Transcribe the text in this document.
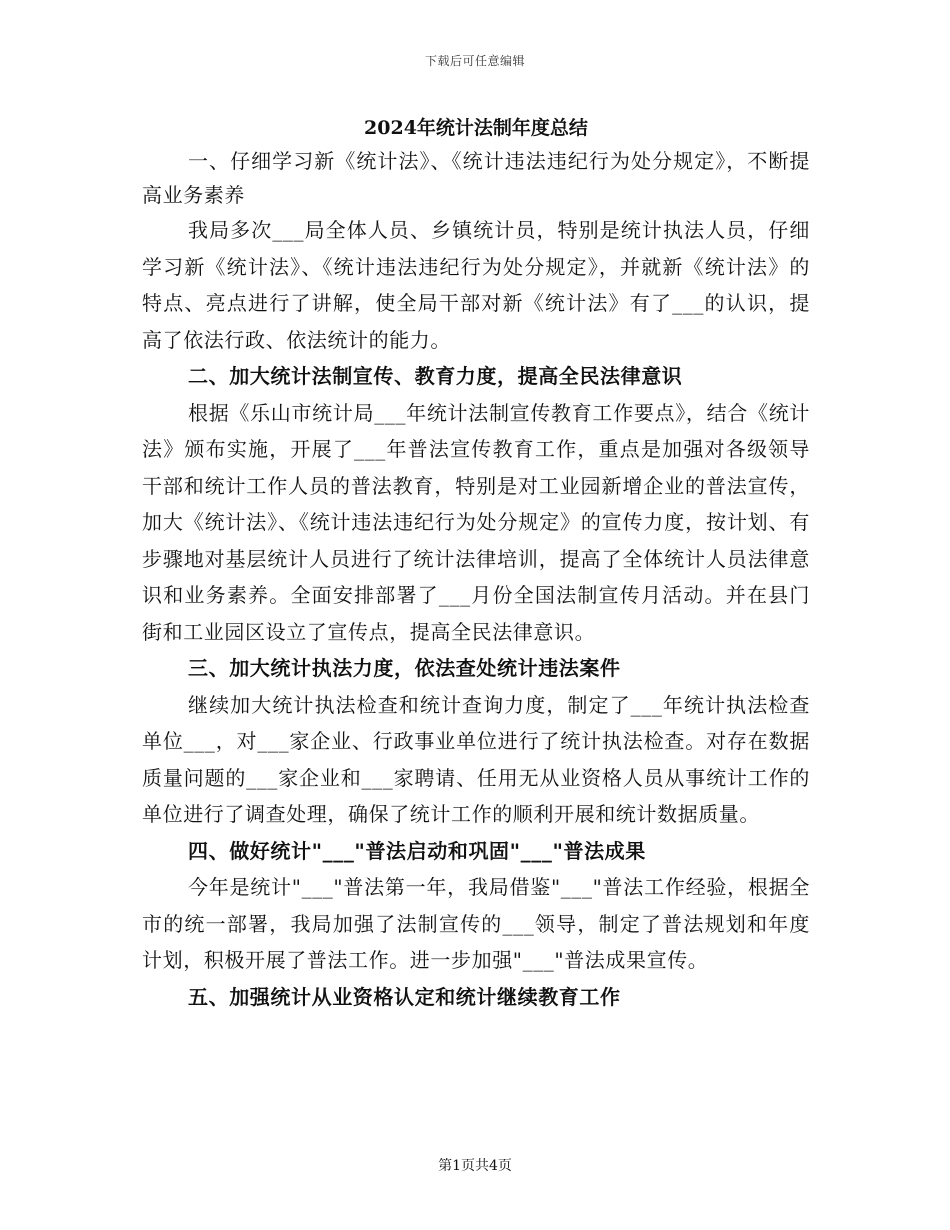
下载后可任意编辑
2024年统计法制年度总结

一、仔细学习新《统计法》、《统计违法违纪行为处分规定》，不断提高业务素养

我局多次___局全体人员、乡镇统计员，特别是统计执法人员，仔细学习新《统计法》、《统计违法违纪行为处分规定》，并就新《统计法》的特点、亮点进行了讲解，使全局干部对新《统计法》有了___的认识，提高了依法行政、依法统计的能力。

二、加大统计法制宣传、教育力度，提高全民法律意识

根据《乐山市统计局___年统计法制宣传教育工作要点》，结合《统计法》颁布实施，开展了___年普法宣传教育工作，重点是加强对各级领导干部和统计工作人员的普法教育，特别是对工业园新增企业的普法宣传，加大《统计法》、《统计违法违纪行为处分规定》的宣传力度，按计划、有步骤地对基层统计人员进行了统计法律培训，提高了全体统计人员法律意识和业务素养。全面安排部署了___月份全国法制宣传月活动。并在县门街和工业园区设立了宣传点，提高全民法律意识。

三、加大统计执法力度，依法查处统计违法案件

继续加大统计执法检查和统计查询力度，制定了___年统计执法检查单位___，对___家企业、行政事业单位进行了统计执法检查。对存在数据质量问题的___家企业和___家聘请、任用无从业资格人员从事统计工作的单位进行了调查处理，确保了统计工作的顺利开展和统计数据质量。

四、做好统计"___"普法启动和巩固"___"普法成果

今年是统计"___"普法第一年，我局借鉴"___"普法工作经验，根据全市的统一部署，我局加强了法制宣传的___领导，制定了普法规划和年度计划，积极开展了普法工作。进一步加强"___"普法成果宣传。

五、加强统计从业资格认定和统计继续教育工作

第1页共4页
